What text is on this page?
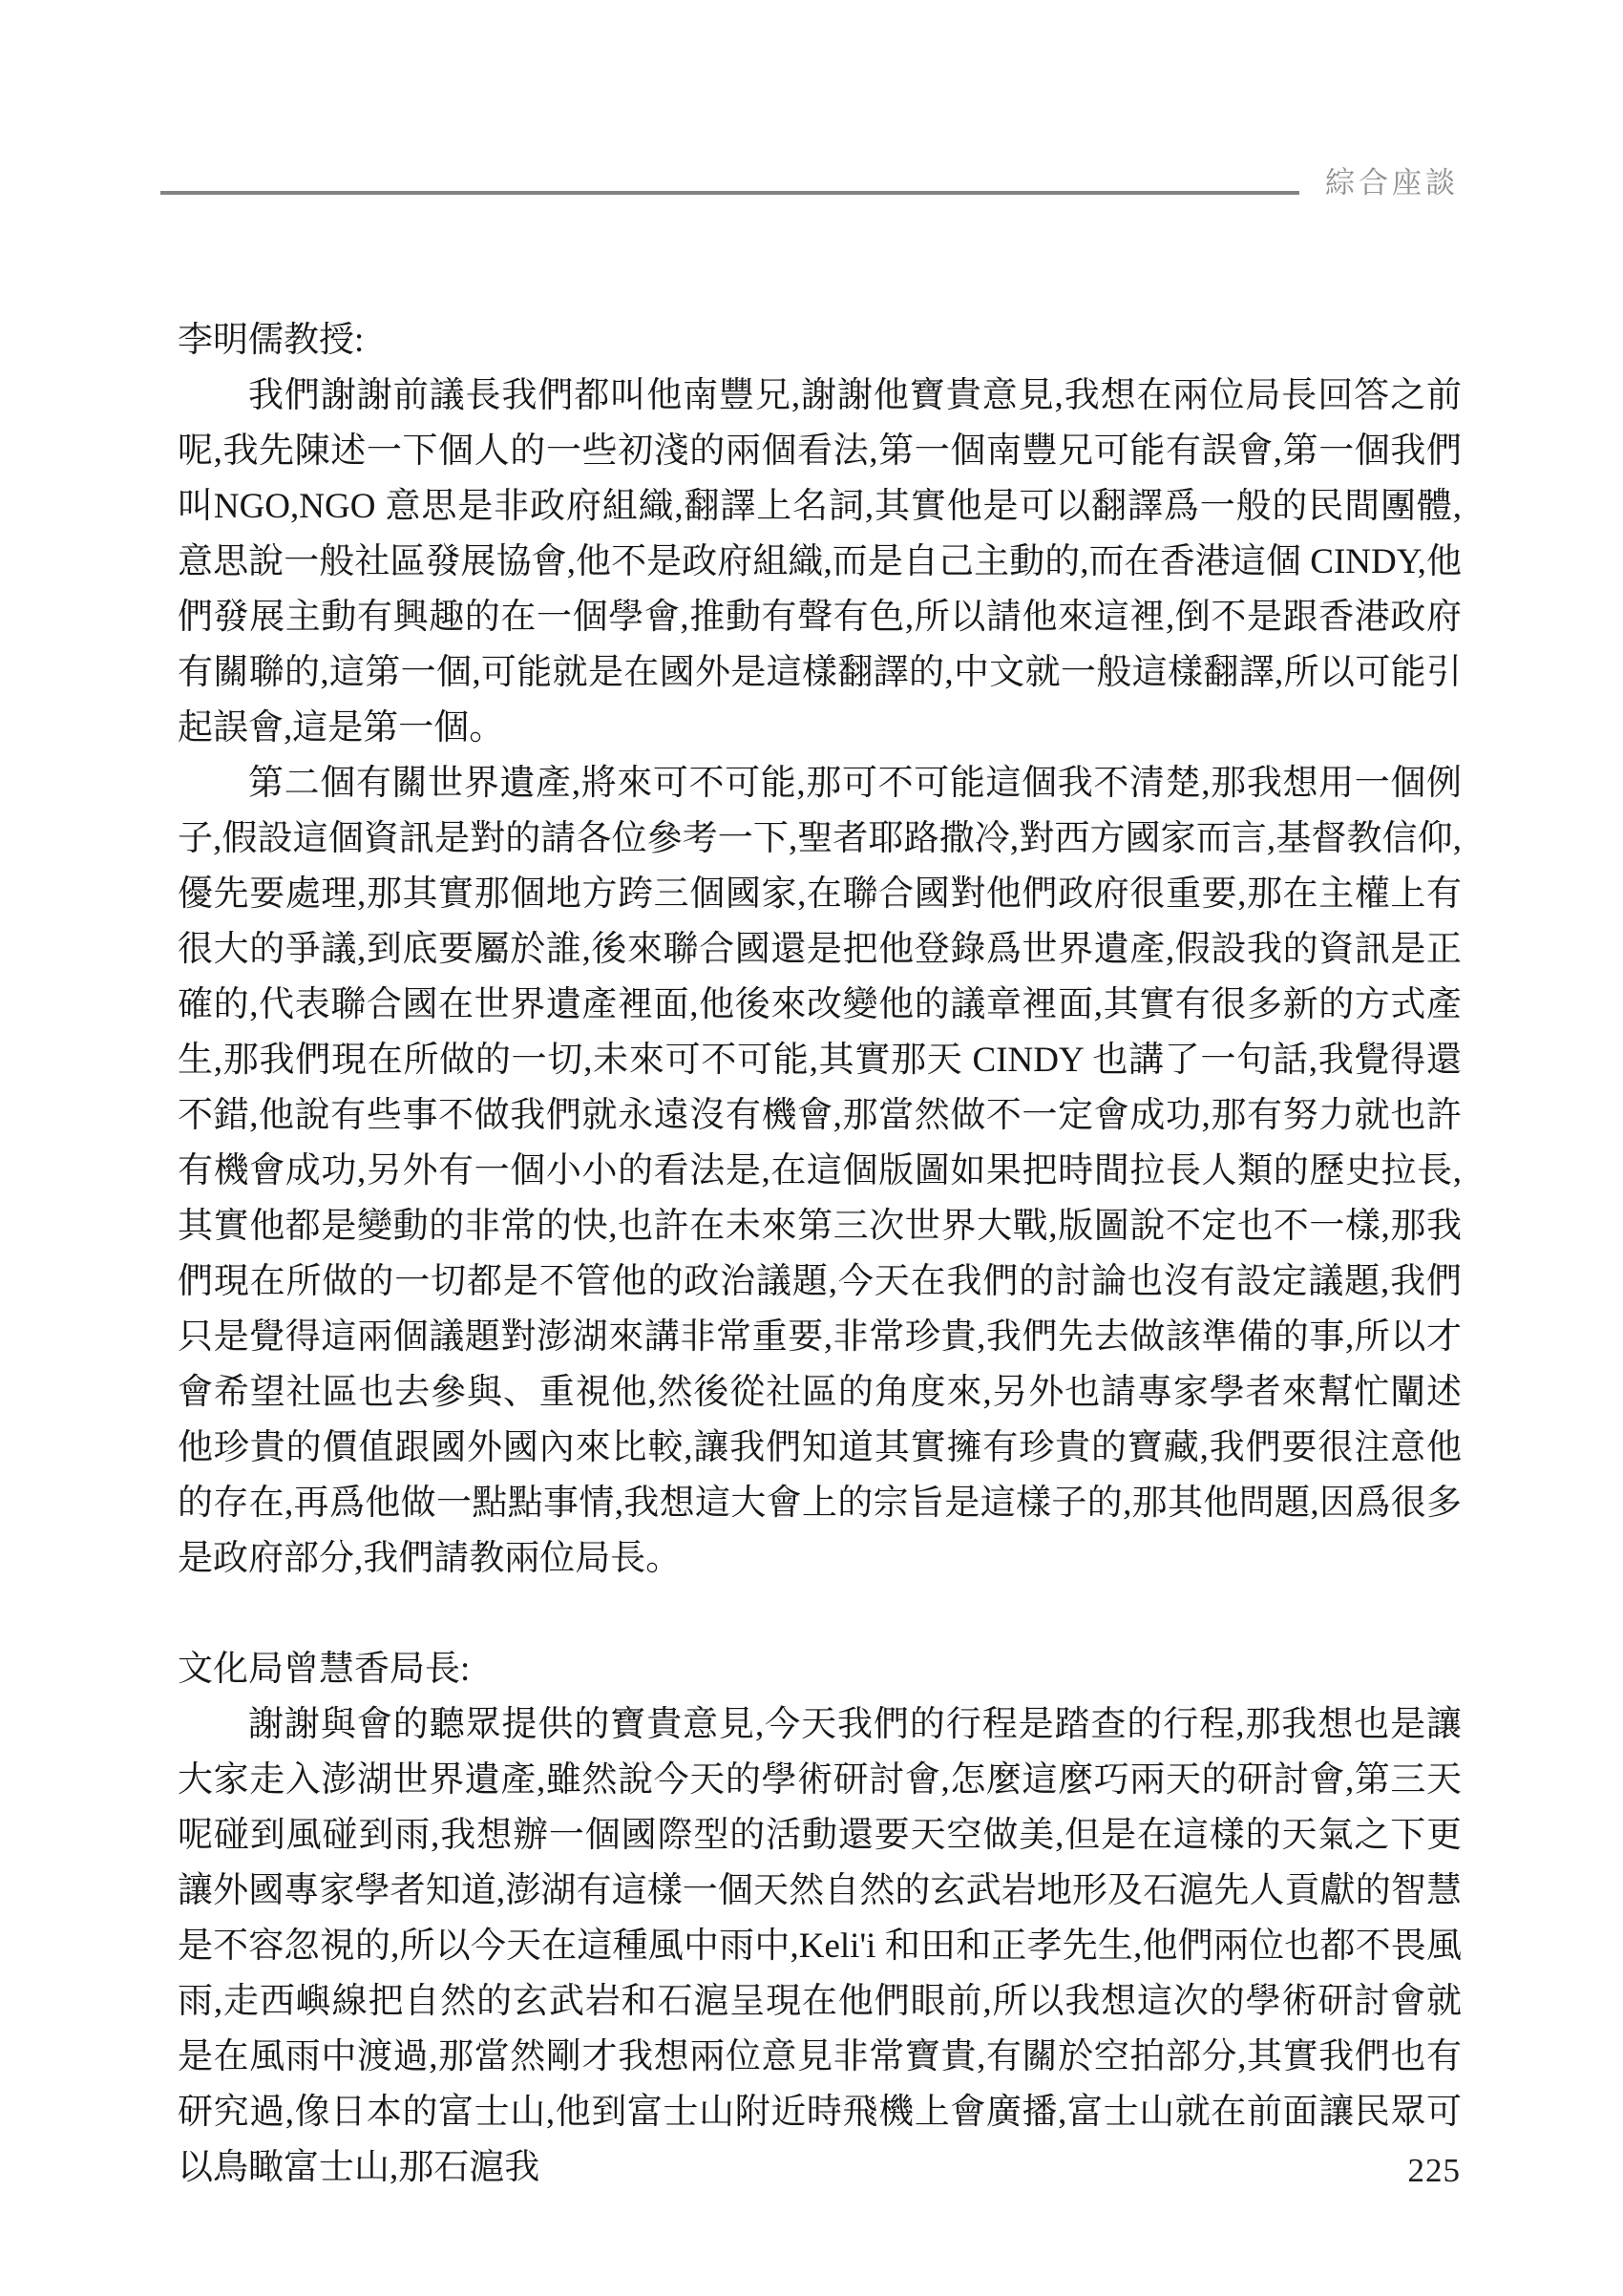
綜合座談
李明儒教授:

我們謝謝前議長我們都叫他南豐兄,謝謝他寶貴意見,我想在兩位局長回答之前呢,我先陳述一下個人的一些初淺的兩個看法,第一個南豐兄可能有誤會,第一個我們叫NGO,NGO 意思是非政府組織,翻譯上名詞,其實他是可以翻譯爲一般的民間團體,意思說一般社區發展協會,他不是政府組織,而是自己主動的,而在香港這個 CINDY,他們發展主動有興趣的在一個學會,推動有聲有色,所以請他來這裡,倒不是跟香港政府有關聯的,這第一個,可能就是在國外是這樣翻譯的,中文就一般這樣翻譯,所以可能引起誤會,這是第一個。

第二個有關世界遺產,將來可不可能,那可不可能這個我不清楚,那我想用一個例子,假設這個資訊是對的請各位參考一下,聖者耶路撒冷,對西方國家而言,基督教信仰,優先要處理,那其實那個地方跨三個國家,在聯合國對他們政府很重要,那在主權上有很大的爭議,到底要屬於誰,後來聯合國還是把他登錄爲世界遺產,假設我的資訊是正確的,代表聯合國在世界遺產裡面,他後來改變他的議章裡面,其實有很多新的方式產生,那我們現在所做的一切,未來可不可能,其實那天 CINDY 也講了一句話,我覺得還不錯,他說有些事不做我們就永遠沒有機會,那當然做不一定會成功,那有努力就也許有機會成功,另外有一個小小的看法是,在這個版圖如果把時間拉長人類的歷史拉長,其實他都是變動的非常的快,也許在未來第三次世界大戰,版圖說不定也不一樣,那我們現在所做的一切都是不管他的政治議題,今天在我們的討論也沒有設定議題,我們只是覺得這兩個議題對澎湖來講非常重要,非常珍貴,我們先去做該準備的事,所以才會希望社區也去參與、重視他,然後從社區的角度來,另外也請專家學者來幫忙闡述他珍貴的價值跟國外國內來比較,讓我們知道其實擁有珍貴的寶藏,我們要很注意他的存在,再爲他做一點點事情,我想這大會上的宗旨是這樣子的,那其他問題,因爲很多是政府部分,我們請教兩位局長。

文化局曾慧香局長:

謝謝與會的聽眾提供的寶貴意見,今天我們的行程是踏查的行程,那我想也是讓大家走入澎湖世界遺產,雖然說今天的學術研討會,怎麼這麼巧兩天的研討會,第三天呢碰到風碰到雨,我想辦一個國際型的活動還要天空做美,但是在這樣的天氣之下更讓外國專家學者知道,澎湖有這樣一個天然自然的玄武岩地形及石滬先人貢獻的智慧是不容忽視的,所以今天在這種風中雨中,Keli'i 和田和正孝先生,他們兩位也都不畏風雨,走西嶼線把自然的玄武岩和石滬呈現在他們眼前,所以我想這次的學術研討會就是在風雨中渡過,那當然剛才我想兩位意見非常寶貴,有關於空拍部分,其實我們也有研究過,像日本的富士山,他到富士山附近時飛機上會廣播,富士山就在前面讓民眾可以鳥瞰富士山,那石滬我	225
